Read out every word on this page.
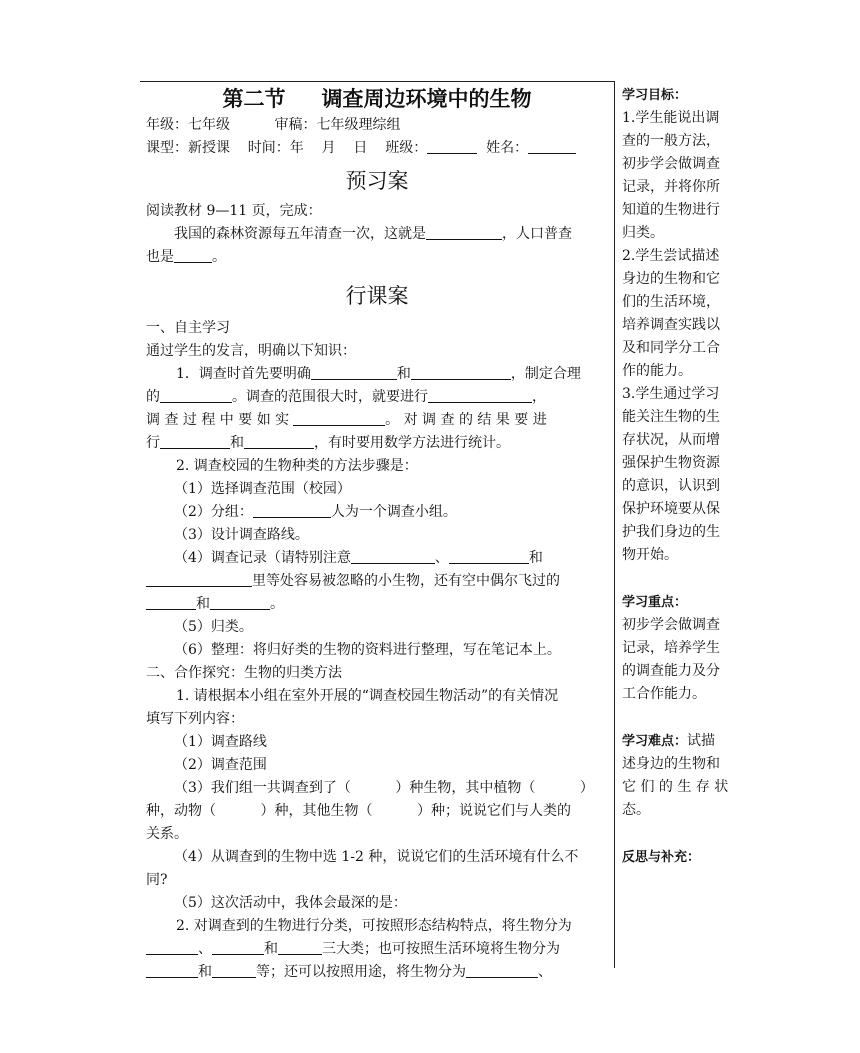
第二节 调查周边环境中的生物

年级：七年级          审稿：七年级理综组

课型：新授课    时间：年    月    日    班级：	姓名：

预习案

阅读教材 9—11 页，完成：

我国的森林资源每五年清查一次，这就是	，人口普查

也是	。

行课案

一、自主学习

通过学生的发言，明确以下知识：

1．调查时首先要明确	和	，制定合理

的	。调查的范围很大时，就要进行	，

调 查 过 程 中 要 如 实	。 对 调 查 的 结 果 要 进

行	和	，有时要用数学方法进行统计。

2. 调查校园的生物种类的方法步骤是：

（1）选择调查范围（校园）

（2）分组：	人为一个调查小组。

（3）设计调查路线。

（4）调查记录（请特别注意	、	和

里等处容易被忽略的小生物，还有空中偶尔飞过的

和	。

（5）归类。

（6）整理：将归好类的生物的资料进行整理，写在笔记本上。

二、合作探究：生物的归类方法

1. 请根据本小组在室外开展的“调查校园生物活动”的有关情况

填写下列内容：

（1）调查路线

（2）调查范围

（3）我们组一共调查到了（          ）种生物，其中植物（          ）

种，动物（          ）种，其他生物（          ）种；说说它们与人类的

关系。

（4）从调查到的生物中选 1-2 种，说说它们的生活环境有什么不

同?

（5）这次活动中，我体会最深的是：

2. 对调查到的生物进行分类，可按照形态结构特点，将生物分为

、	和	三大类；也可按照生活环境将生物分为

和	等；还可以按照用途，将生物分为	、

学习目标：

1.学生能说出调

查的一般方法，

初步学会做调查

记录，并将你所

知道的生物进行

归类。

2.学生尝试描述

身边的生物和它

们的生活环境，

培养调查实践以

及和同学分工合

作的能力。

3.学生通过学习

能关注生物的生

存状况，从而增

强保护生物资源

的意识，认识到

保护环境要从保

护我们身边的生

物开始。

学习重点：

初步学会做调查

记录，培养学生

的调查能力及分

工合作能力。

学习难点：试描

述身边的生物和

它 们 的 生 存 状

态。

反思与补充：
